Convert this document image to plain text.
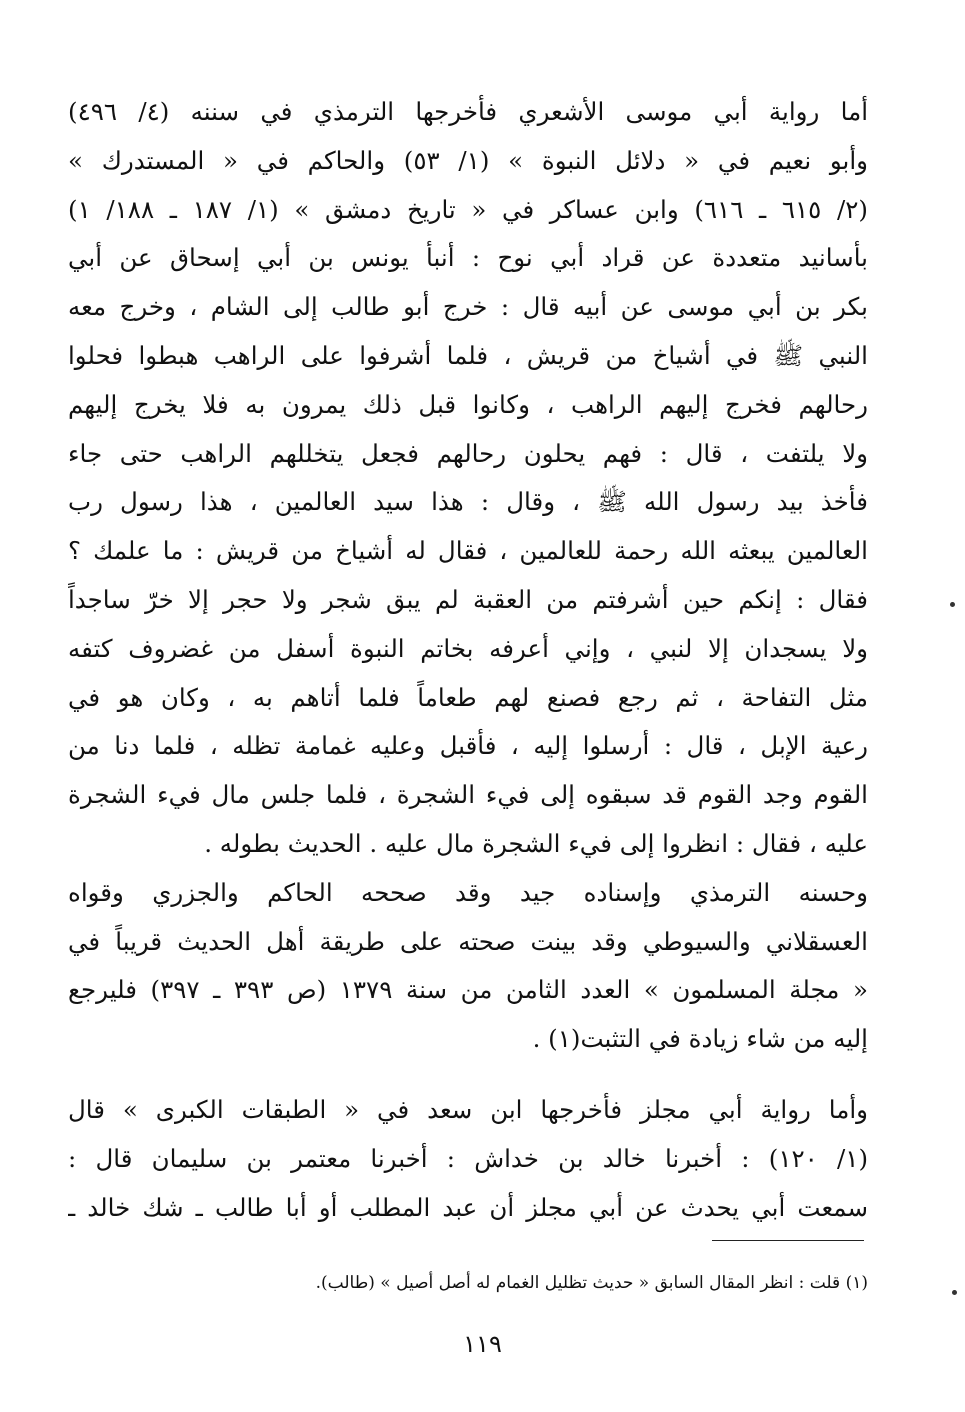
أما رواية أبي موسى الأشعري فأخرجها الترمذي في سننه (٤/ ٤٩٦)
وأبو نعيم في « دلائل النبوة » (١/ ٥٣) والحاكم في « المستدرك »
(٢/ ٦١٥ ـ ٦١٦) وابن عساكر في « تاريخ دمشق » (١/ ١٨٧ ـ ١٨٨/ ١)
بأسانيد متعددة عن قراد أبي نوح : أنبأ يونس بن أبي إسحاق عن أبي
بكر بن أبي موسى عن أبيه قال : خرج أبو طالب إلى الشام ، وخرج معه
النبي ﷺ في أشياخ من قريش ، فلما أشرفوا على الراهب هبطوا فحلوا
رحالهم فخرج إليهم الراهب ، وكانوا قبل ذلك يمرون به فلا يخرج إليهم
ولا يلتفت ، قال : فهم يحلون رحالهم فجعل يتخللهم الراهب حتى جاء
فأخذ بيد رسول الله ﷺ ، وقال : هذا سيد العالمين ، هذا رسول رب
العالمين يبعثه الله رحمة للعالمين ، فقال له أشياخ من قريش : ما علمك ؟
فقال : إنكم حين أشرفتم من العقبة لم يبق شجر ولا حجر إلا خرّ ساجداً
ولا يسجدان إلا لنبي ، وإني أعرفه بخاتم النبوة أسفل من غضروف كتفه
مثل التفاحة ، ثم رجع فصنع لهم طعاماً فلما أتاهم به ، وكان هو في
رعية الإبل ، قال : أرسلوا إليه ، فأقبل وعليه غمامة تظله ، فلما دنا من
القوم وجد القوم قد سبقوه إلى فيء الشجرة ، فلما جلس مال فيء الشجرة
عليه ، فقال : انظروا إلى فيء الشجرة مال عليه . الحديث بطوله .
وحسنه الترمذي وإسناده جيد وقد صححه الحاكم والجزري وقواه
العسقلاني والسيوطي وقد بينت صحته على طريقة أهل الحديث قريباً في
« مجلة المسلمون » العدد الثامن من سنة ١٣٧٩ (ص ٣٩٣ ـ ٣٩٧) فليرجع
إليه من شاء زيادة في التثبت(١) .
وأما رواية أبي مجلز فأخرجها ابن سعد في « الطبقات الكبرى » قال
(١/ ١٢٠) : أخبرنا خالد بن خداش : أخبرنا معتمر بن سليمان قال :
سمعت أبي يحدث عن أبي مجلز أن عبد المطلب أو أبا طالب ـ شك خالد ـ
(١) قلت : انظر المقال السابق « حديث تظليل الغمام له أصل أصيل » (طالب).
١١٩
